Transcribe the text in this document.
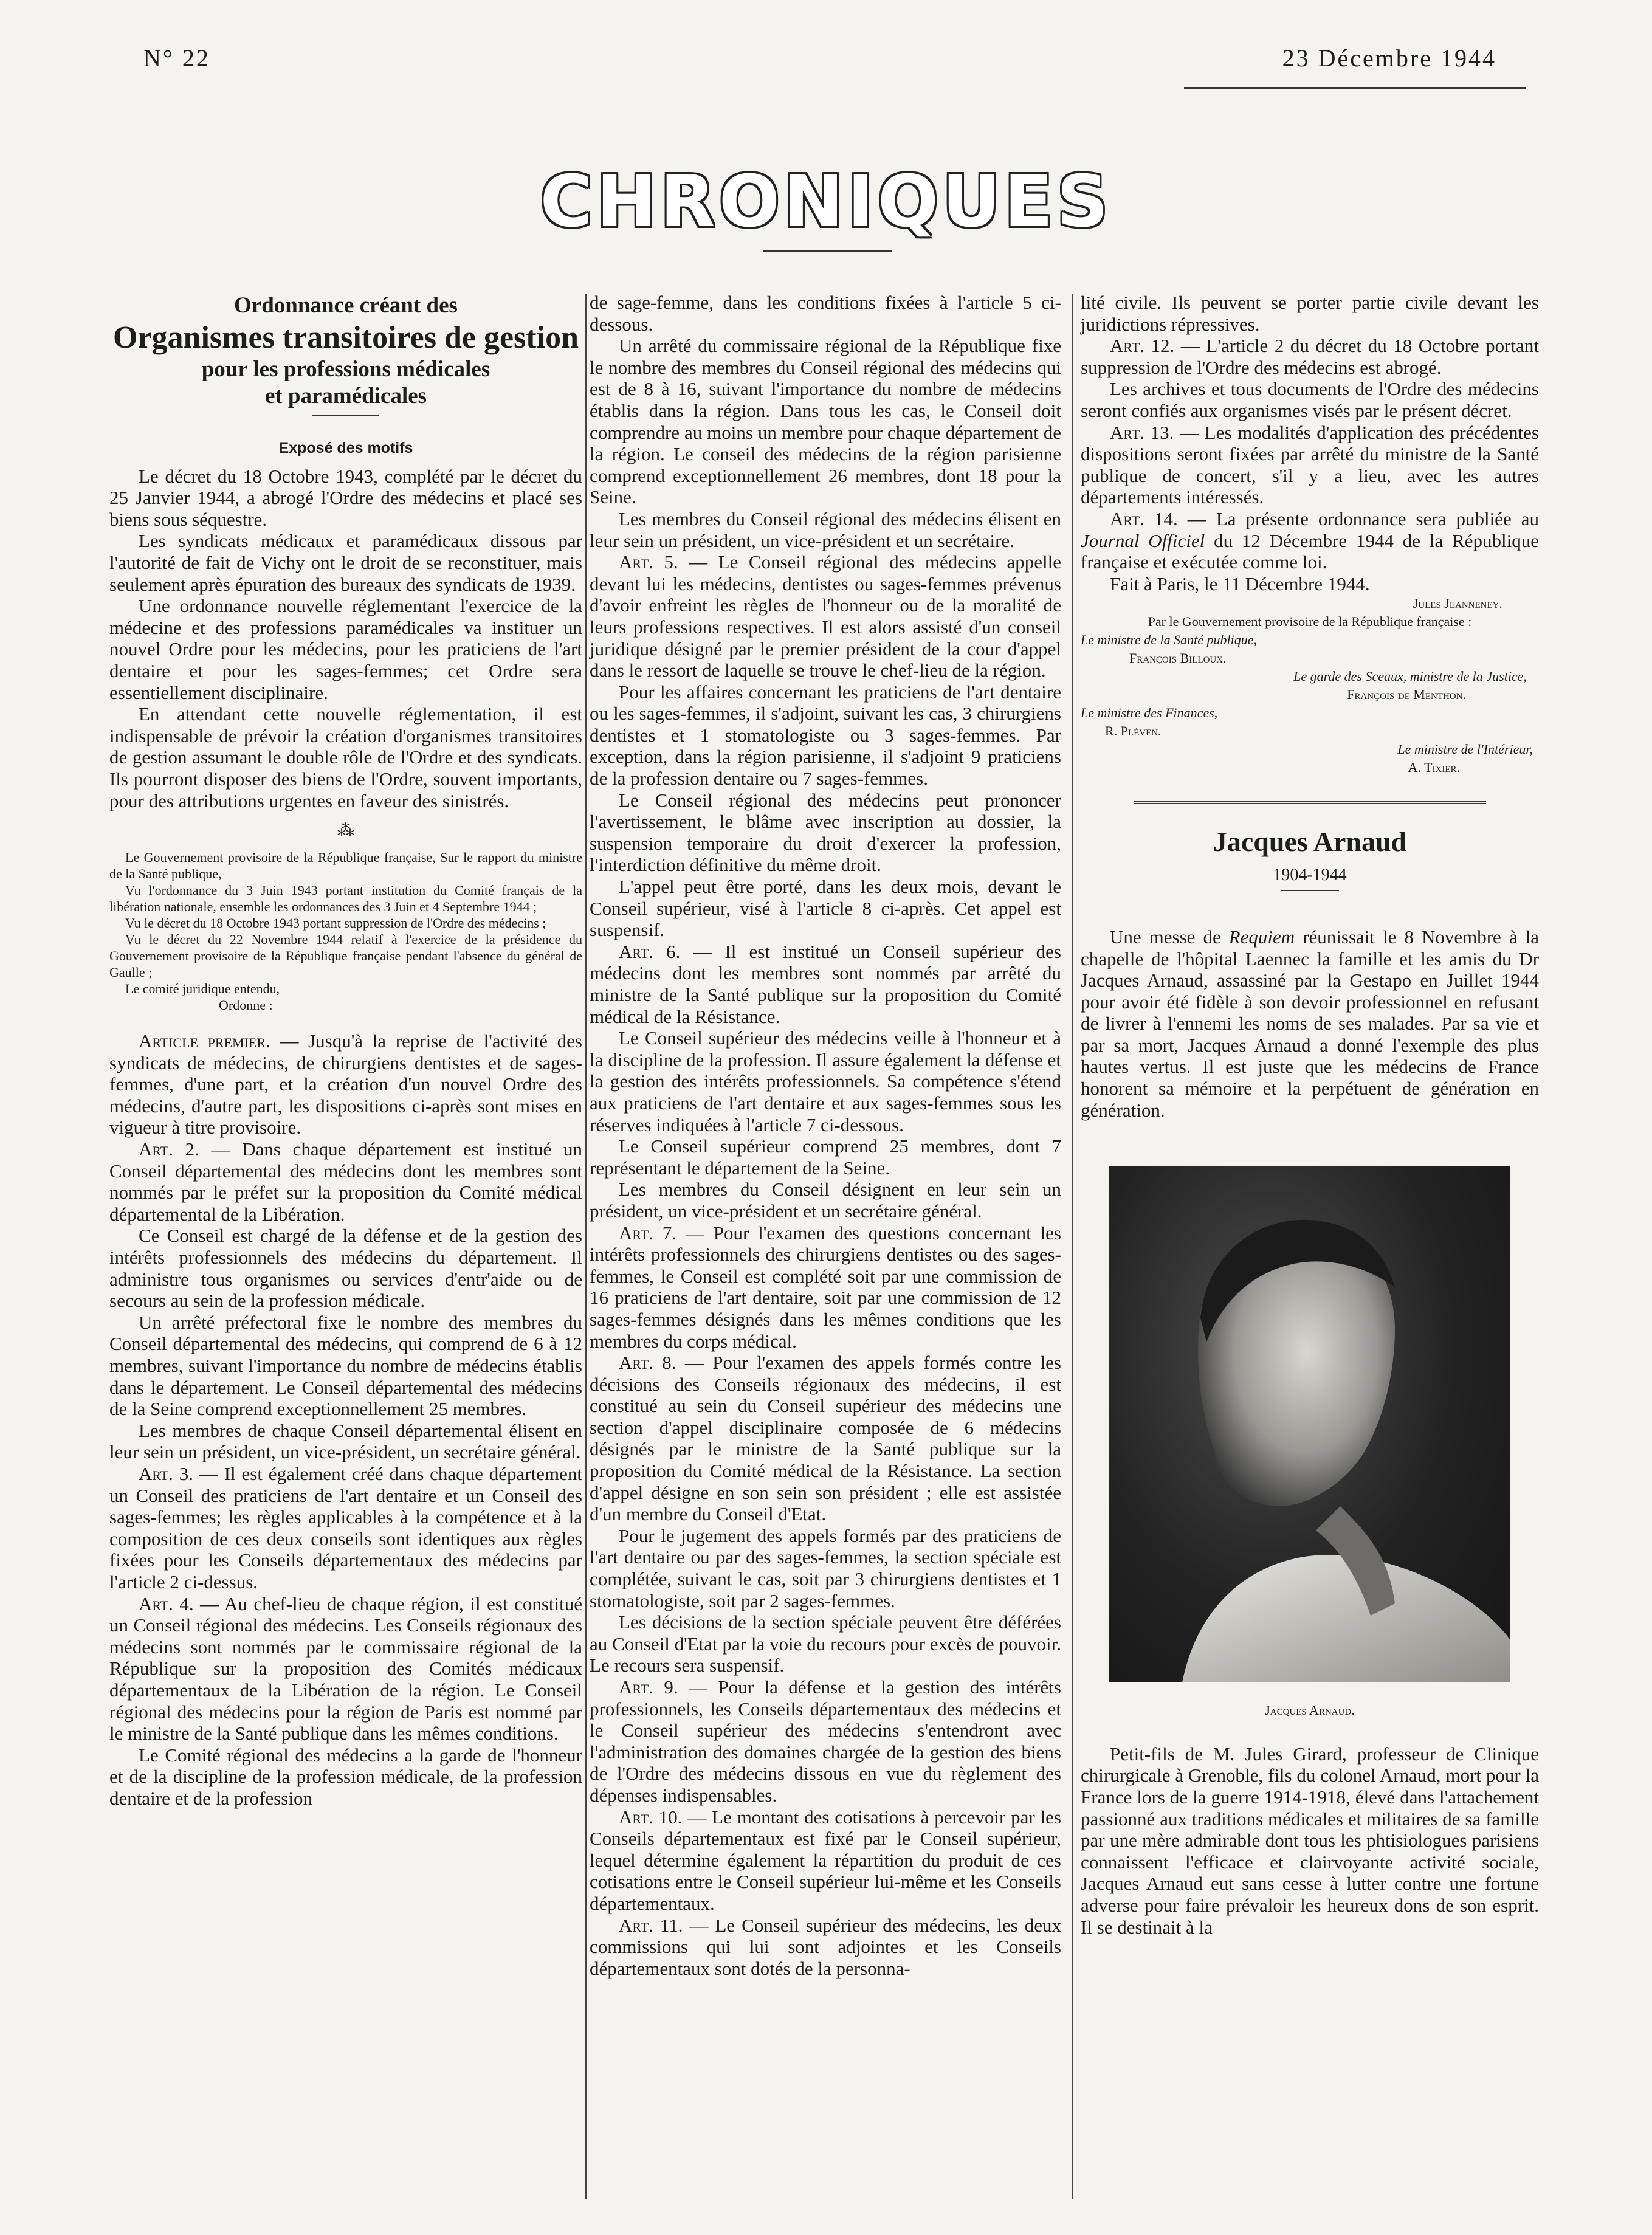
N° 22	23 Décembre 1944
CHRONIQUES
Ordonnance créant des
Organismes transitoires de gestion
pour les professions médicales
et paramédicales
Exposé des motifs

Le décret du 18 Octobre 1943, complété par le décret du 25 Janvier 1944, a abrogé l'Ordre des médecins et placé ses biens sous séquestre.

Les syndicats médicaux et paramédicaux dissous par l'autorité de fait de Vichy ont le droit de se reconstituer, mais seulement après épuration des bureaux des syndicats de 1939.

Une ordonnance nouvelle réglementant l'exercice de la médecine et des professions paramédicales va instituer un nouvel Ordre pour les médecins, pour les praticiens de l'art dentaire et pour les sages-femmes; cet Ordre sera essentiellement disciplinaire.

En attendant cette nouvelle réglementation, il est indispensable de prévoir la création d'organismes transitoires de gestion assumant le double rôle de l'Ordre et des syndicats. Ils pourront disposer des biens de l'Ordre, souvent importants, pour des attributions urgentes en faveur des sinistrés.

⁂

Le Gouvernement provisoire de la République française, Sur le rapport du ministre de la Santé publique,

Vu l'ordonnance du 3 Juin 1943 portant institution du Comité français de la libération nationale, ensemble les ordonnances des 3 Juin et 4 Septembre 1944 ;

Vu le décret du 18 Octobre 1943 portant suppression de l'Ordre des médecins ;

Vu le décret du 22 Novembre 1944 relatif à l'exercice de la présidence du Gouvernement provisoire de la République française pendant l'absence du général de Gaulle ;

Le comité juridique entendu,

Ordonne :

Article premier. — Jusqu'à la reprise de l'activité des syndicats de médecins, de chirurgiens dentistes et de sages-femmes, d'une part, et la création d'un nouvel Ordre des médecins, d'autre part, les dispositions ci-après sont mises en vigueur à titre provisoire.

Art. 2. — Dans chaque département est institué un Conseil départemental des médecins dont les membres sont nommés par le préfet sur la proposition du Comité médical départemental de la Libération.

Ce Conseil est chargé de la défense et de la gestion des intérêts professionnels des médecins du département. Il administre tous organismes ou services d'entr'aide ou de secours au sein de la profession médicale.

Un arrêté préfectoral fixe le nombre des membres du Conseil départemental des médecins, qui comprend de 6 à 12 membres, suivant l'importance du nombre de médecins établis dans le département. Le Conseil départemental des médecins de la Seine comprend exceptionnellement 25 membres.

Les membres de chaque Conseil départemental élisent en leur sein un président, un vice-président, un secrétaire général.

Art. 3. — Il est également créé dans chaque département un Conseil des praticiens de l'art dentaire et un Conseil des sages-femmes; les règles applicables à la compétence et à la composition de ces deux conseils sont identiques aux règles fixées pour les Conseils départementaux des médecins par l'article 2 ci-dessus.

Art. 4. — Au chef-lieu de chaque région, il est constitué un Conseil régional des médecins. Les Conseils régionaux des médecins sont nommés par le commissaire régional de la République sur la proposition des Comités médicaux départementaux de la Libération de la région. Le Conseil régional des médecins pour la région de Paris est nommé par le ministre de la Santé publique dans les mêmes conditions.

Le Comité régional des médecins a la garde de l'honneur et de la discipline de la profession médicale, de la profession dentaire et de la profession

de sage-femme, dans les conditions fixées à l'article 5 ci-dessous.

Un arrêté du commissaire régional de la République fixe le nombre des membres du Conseil régional des médecins qui est de 8 à 16, suivant l'importance du nombre de médecins établis dans la région. Dans tous les cas, le Conseil doit comprendre au moins un membre pour chaque département de la région. Le conseil des médecins de la région parisienne comprend exceptionnellement 26 membres, dont 18 pour la Seine.

Les membres du Conseil régional des médecins élisent en leur sein un président, un vice-président et un secrétaire.

Art. 5. — Le Conseil régional des médecins appelle devant lui les médecins, dentistes ou sages-femmes prévenus d'avoir enfreint les règles de l'honneur ou de la moralité de leurs professions respectives. Il est alors assisté d'un conseil juridique désigné par le premier président de la cour d'appel dans le ressort de laquelle se trouve le chef-lieu de la région.

Pour les affaires concernant les praticiens de l'art dentaire ou les sages-femmes, il s'adjoint, suivant les cas, 3 chirurgiens dentistes et 1 stomatologiste ou 3 sages-femmes. Par exception, dans la région parisienne, il s'adjoint 9 praticiens de la profession dentaire ou 7 sages-femmes.

Le Conseil régional des médecins peut prononcer l'avertissement, le blâme avec inscription au dossier, la suspension temporaire du droit d'exercer la profession, l'interdiction définitive du même droit.

L'appel peut être porté, dans les deux mois, devant le Conseil supérieur, visé à l'article 8 ci-après. Cet appel est suspensif.

Art. 6. — Il est institué un Conseil supérieur des médecins dont les membres sont nommés par arrêté du ministre de la Santé publique sur la proposition du Comité médical de la Résistance.

Le Conseil supérieur des médecins veille à l'honneur et à la discipline de la profession. Il assure également la défense et la gestion des intérêts professionnels. Sa compétence s'étend aux praticiens de l'art dentaire et aux sages-femmes sous les réserves indiquées à l'article 7 ci-dessous.

Le Conseil supérieur comprend 25 membres, dont 7 représentant le département de la Seine.

Les membres du Conseil désignent en leur sein un président, un vice-président et un secrétaire général.

Art. 7. — Pour l'examen des questions concernant les intérêts professionnels des chirurgiens dentistes ou des sages-femmes, le Conseil est complété soit par une commission de 16 praticiens de l'art dentaire, soit par une commission de 12 sages-femmes désignés dans les mêmes conditions que les membres du corps médical.

Art. 8. — Pour l'examen des appels formés contre les décisions des Conseils régionaux des médecins, il est constitué au sein du Conseil supérieur des médecins une section d'appel disciplinaire composée de 6 médecins désignés par le ministre de la Santé publique sur la proposition du Comité médical de la Résistance. La section d'appel désigne en son sein son président ; elle est assistée d'un membre du Conseil d'Etat.

Pour le jugement des appels formés par des praticiens de l'art dentaire ou par des sages-femmes, la section spéciale est complétée, suivant le cas, soit par 3 chirurgiens dentistes et 1 stomatologiste, soit par 2 sages-femmes.

Les décisions de la section spéciale peuvent être déférées au Conseil d'Etat par la voie du recours pour excès de pouvoir. Le recours sera suspensif.

Art. 9. — Pour la défense et la gestion des intérêts professionnels, les Conseils départementaux des médecins et le Conseil supérieur des médecins s'entendront avec l'administration des domaines chargée de la gestion des biens de l'Ordre des médecins dissous en vue du règlement des dépenses indispensables.

Art. 10. — Le montant des cotisations à percevoir par les Conseils départementaux est fixé par le Conseil supérieur, lequel détermine également la répartition du produit de ces cotisations entre le Conseil supérieur lui-même et les Conseils départementaux.

Art. 11. — Le Conseil supérieur des médecins, les deux commissions qui lui sont adjointes et les Conseils départementaux sont dotés de la personna-

lité civile. Ils peuvent se porter partie civile devant les juridictions répressives.

Art. 12. — L'article 2 du décret du 18 Octobre portant suppression de l'Ordre des médecins est abrogé.

Les archives et tous documents de l'Ordre des médecins seront confiés aux organismes visés par le présent décret.

Art. 13. — Les modalités d'application des précédentes dispositions seront fixées par arrêté du ministre de la Santé publique de concert, s'il y a lieu, avec les autres départements intéressés.

Art. 14. — La présente ordonnance sera publiée au Journal Officiel du 12 Décembre 1944 de la République française et exécutée comme loi.

Fait à Paris, le 11 Décembre 1944.

Jules Jeanneney.
Par le Gouvernement provisoire de la République française :
Le ministre de la Santé publique,
François Billoux.
Le garde des Sceaux, ministre de la Justice,
François de Menthon.
Le ministre des Finances,
R. Pléven.
Le ministre de l'Intérieur,
A. Tixier.
Jacques Arnaud
1904-1944

Une messe de Requiem réunissait le 8 Novembre à la chapelle de l'hôpital Laennec la famille et les amis du Dr Jacques Arnaud, assassiné par la Gestapo en Juillet 1944 pour avoir été fidèle à son devoir professionnel en refusant de livrer à l'ennemi les noms de ses malades. Par sa vie et par sa mort, Jacques Arnaud a donné l'exemple des plus hautes vertus. Il est juste que les médecins de France honorent sa mémoire et la perpétuent de génération en génération.

Jacques Arnaud.

Petit-fils de M. Jules Girard, professeur de Clinique chirurgicale à Grenoble, fils du colonel Arnaud, mort pour la France lors de la guerre 1914-1918, élevé dans l'attachement passionné aux traditions médicales et militaires de sa famille par une mère admirable dont tous les phtisiologues parisiens connaissent l'efficace et clairvoyante activité sociale, Jacques Arnaud eut sans cesse à lutter contre une fortune adverse pour faire prévaloir les heureux dons de son esprit. Il se destinait à la
